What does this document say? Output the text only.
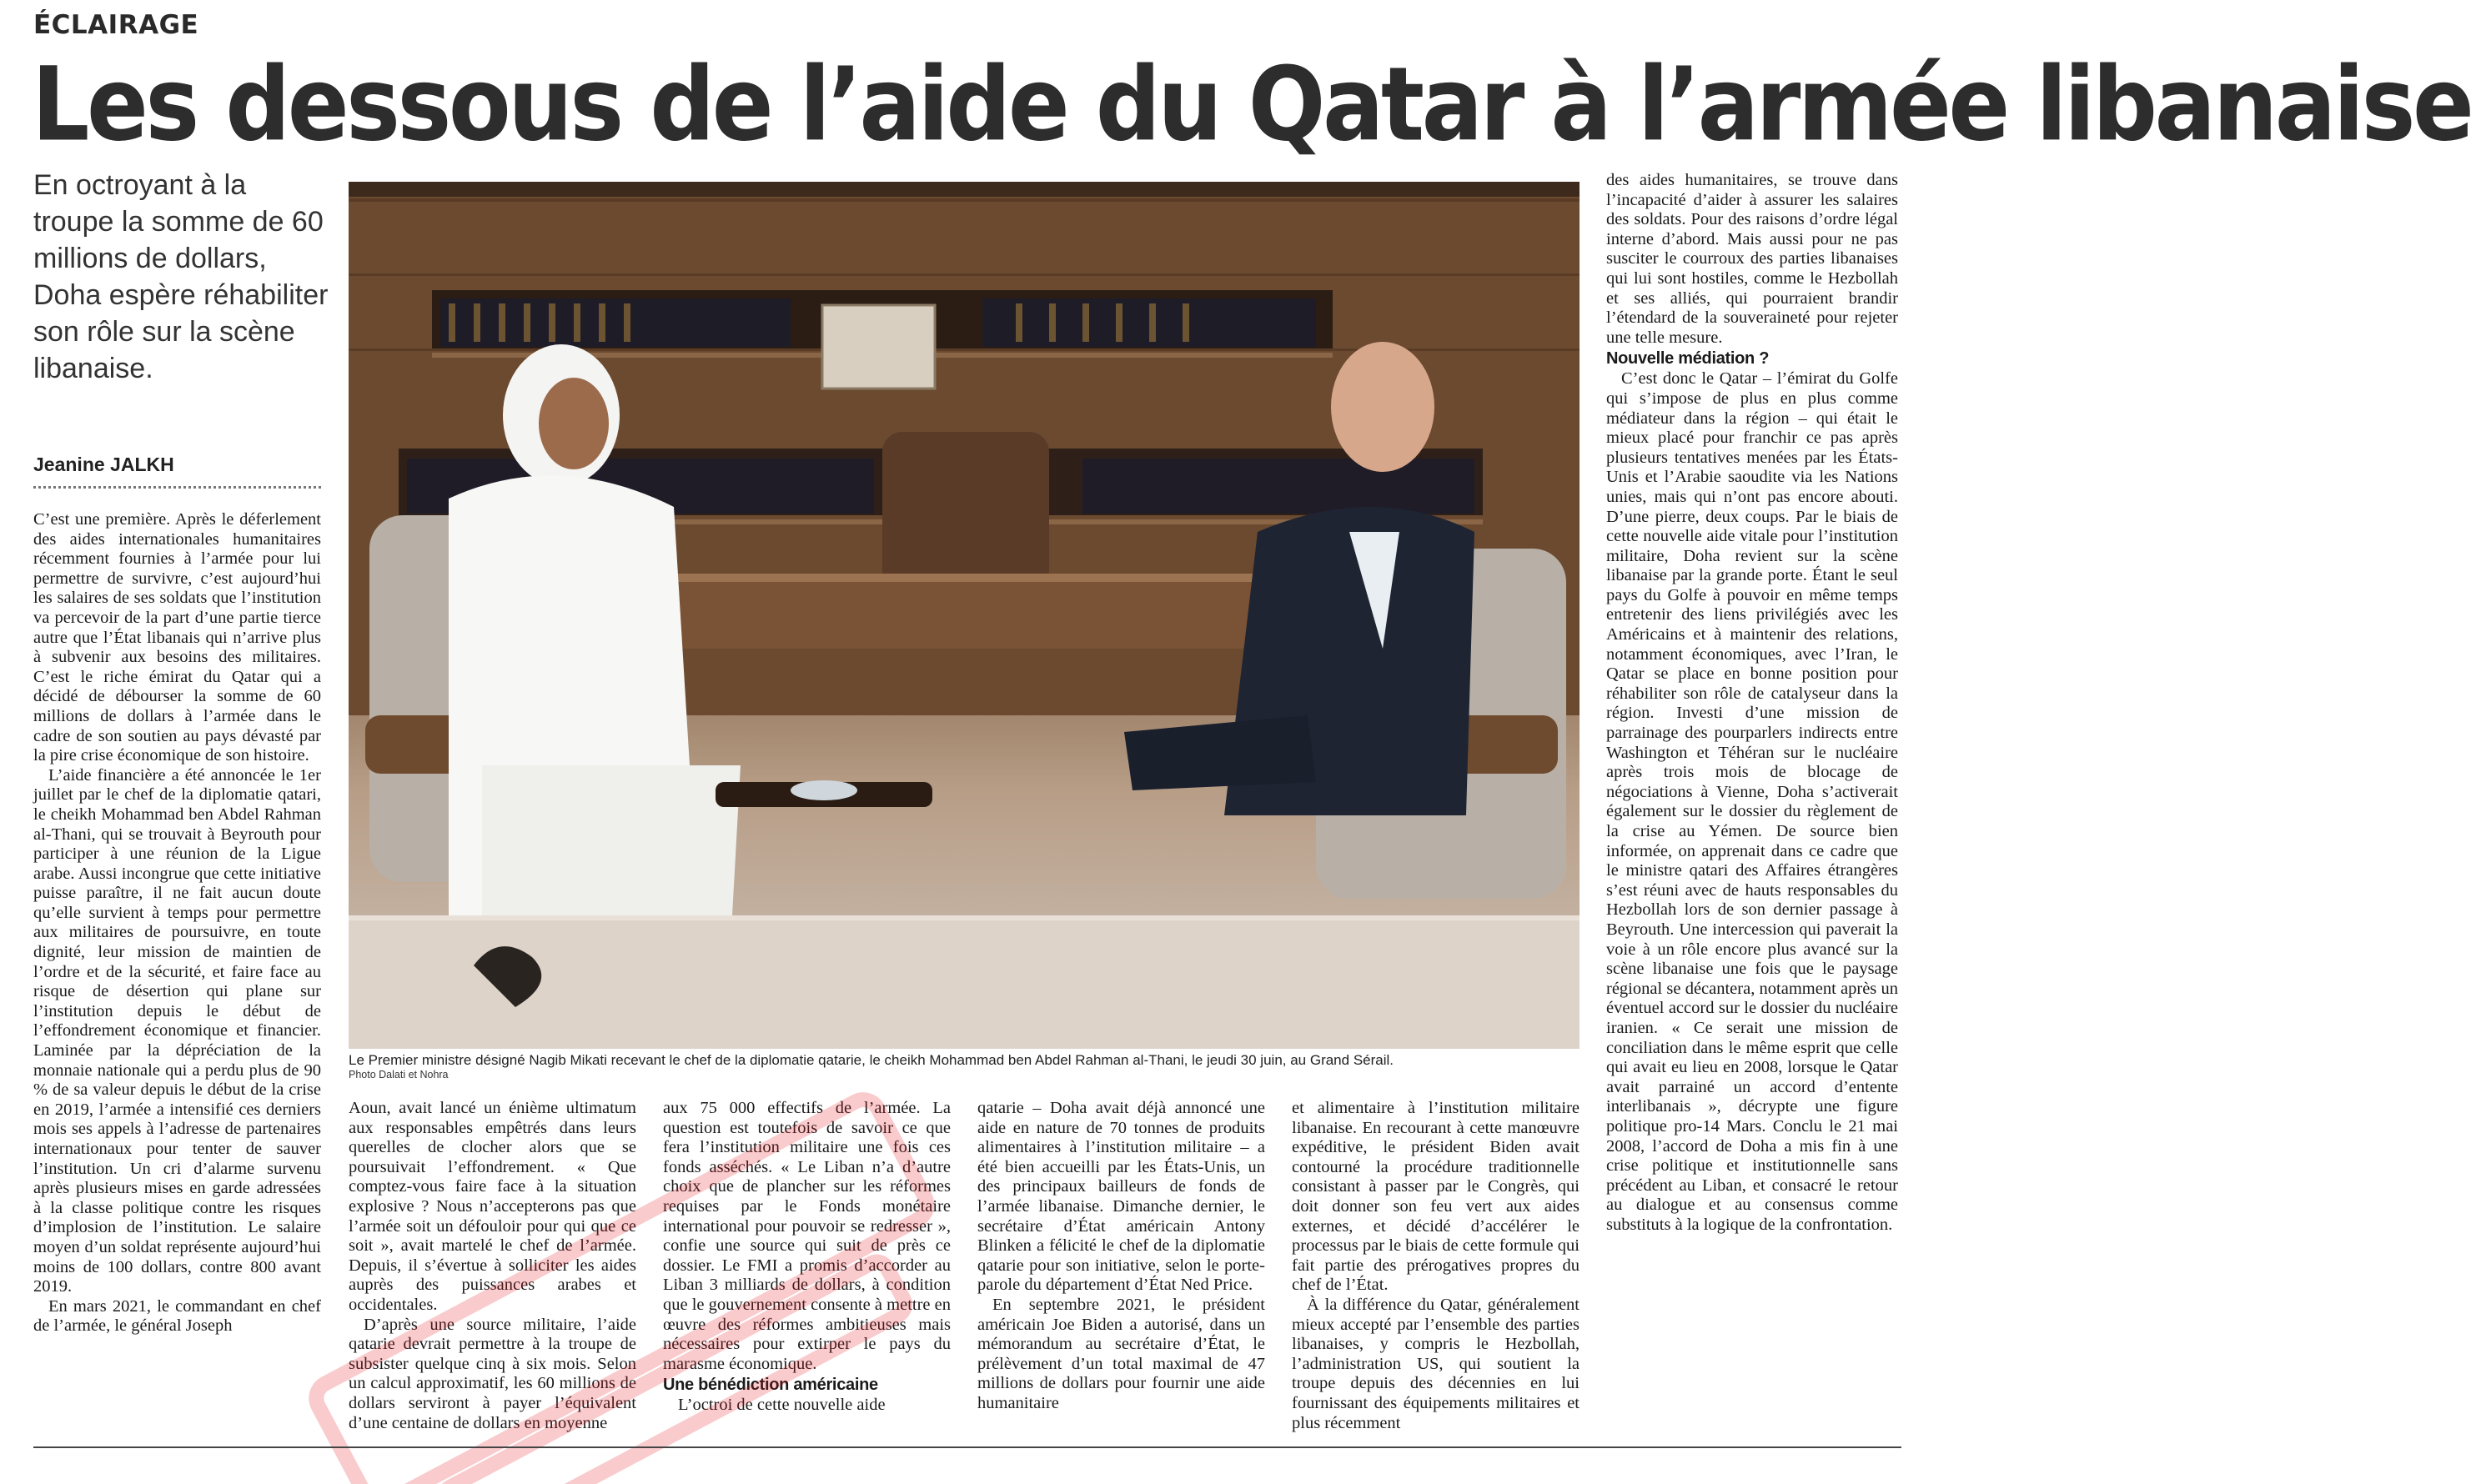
ÉCLAIRAGE
Les dessous de l’aide du Qatar à l’armée libanaise
En octroyant à la troupe la somme de 60 millions de dollars, Doha espère réhabiliter son rôle sur la scène libanaise.
Jeanine JALKH

C’est une première. Après le déferlement des aides internationales humanitaires récemment fournies à l’armée pour lui permettre de survivre, c’est aujourd’hui les salaires de ses soldats que l’institution va percevoir de la part d’une partie tierce autre que l’État libanais qui n’arrive plus à subvenir aux besoins des militaires. C’est le riche émirat du Qatar qui a décidé de débourser la somme de 60 millions de dollars à l’armée dans le cadre de son soutien au pays dévasté par la pire crise économique de son histoire.

L’aide financière a été annoncée le 1er juillet par le chef de la diplomatie qatari, le cheikh Mohammad ben Abdel Rahman al-Thani, qui se trouvait à Beyrouth pour participer à une réunion de la Ligue arabe. Aussi incongrue que cette initiative puisse paraître, il ne fait aucun doute qu’elle survient à temps pour permettre aux militaires de poursuivre, en toute dignité, leur mission de maintien de l’ordre et de la sécurité, et faire face au risque de désertion qui plane sur l’institution depuis le début de l’effondrement économique et financier. Laminée par la dépréciation de la monnaie nationale qui a perdu plus de 90 % de sa valeur depuis le début de la crise en 2019, l’armée a intensifié ces derniers mois ses appels à l’adresse de partenaires internationaux pour tenter de sauver l’institution. Un cri d’alarme survenu après plusieurs mises en garde adressées à la classe politique contre les risques d’implosion de l’institution. Le salaire moyen d’un soldat représente aujourd’hui moins de 100 dollars, contre 800 avant 2019.

En mars 2021, le commandant en chef de l’armée, le général Joseph

Le Premier ministre désigné Nagib Mikati recevant le chef de la diplomatie qatarie, le cheikh Mohammad ben Abdel Rahman al-Thani, le jeudi 30 juin, au Grand Sérail.
Photo Dalati et Nohra

Aoun, avait lancé un énième ultimatum aux responsables empêtrés dans leurs querelles de clocher alors que se poursuivait l’effondrement. « Que comptez-vous faire face à la situation explosive ? Nous n’accepterons pas que l’armée soit un défouloir pour qui que ce soit », avait martelé le chef de l’armée. Depuis, il s’évertue à solliciter les aides auprès des puissances arabes et occidentales.

D’après une source militaire, l’aide qatarie devrait permettre à la troupe de subsister quelque cinq à six mois. Selon un calcul approximatif, les 60 millions de dollars serviront à payer l’équivalent d’une centaine de dollars en moyenne

aux 75 000 effectifs de l’armée. La question est toutefois de savoir ce que fera l’institution militaire une fois ces fonds asséchés. « Le Liban n’a d’autre choix que de plancher sur les réformes requises par le Fonds monétaire international pour pouvoir se redresser », confie une source qui suit de près ce dossier. Le FMI a promis d’accorder au Liban 3 milliards de dollars, à condition que le gouvernement consente à mettre en œuvre des réformes ambitieuses mais nécessaires pour extirper le pays du marasme économique.

Une bénédiction américaine

L’octroi de cette nouvelle aide

qatarie – Doha avait déjà annoncé une aide en nature de 70 tonnes de produits alimentaires à l’institution militaire – a été bien accueilli par les États-Unis, un des principaux bailleurs de fonds de l’armée libanaise. Dimanche dernier, le secrétaire d’État américain Antony Blinken a félicité le chef de la diplomatie qatarie pour son initiative, selon le porte-parole du département d’État Ned Price.

En septembre 2021, le président américain Joe Biden a autorisé, dans un mémorandum au secrétaire d’État, le prélèvement d’un total maximal de 47 millions de dollars pour fournir une aide humanitaire

et alimentaire à l’institution militaire libanaise. En recourant à cette manœuvre expéditive, le président Biden avait contourné la procédure traditionnelle consistant à passer par le Congrès, qui doit donner son feu vert aux aides externes, et décidé d’accélérer le processus par le biais de cette formule qui fait partie des prérogatives propres du chef de l’État.

À la différence du Qatar, généralement mieux accepté par l’ensemble des parties libanaises, y compris le Hezbollah, l’administration US, qui soutient la troupe depuis des décennies en lui fournissant des équipements militaires et plus récemment

des aides humanitaires, se trouve dans l’incapacité d’aider à assurer les salaires des soldats. Pour des raisons d’ordre légal interne d’abord. Mais aussi pour ne pas susciter le courroux des parties libanaises qui lui sont hostiles, comme le Hezbollah et ses alliés, qui pourraient brandir l’étendard de la souveraineté pour rejeter une telle mesure.

Nouvelle médiation ?

C’est donc le Qatar – l’émirat du Golfe qui s’impose de plus en plus comme médiateur dans la région – qui était le mieux placé pour franchir ce pas après plusieurs tentatives menées par les États-Unis et l’Arabie saoudite via les Nations unies, mais qui n’ont pas encore abouti. D’une pierre, deux coups. Par le biais de cette nouvelle aide vitale pour l’institution militaire, Doha revient sur la scène libanaise par la grande porte. Étant le seul pays du Golfe à pouvoir en même temps entretenir des liens privilégiés avec les Américains et à maintenir des relations, notamment économiques, avec l’Iran, le Qatar se place en bonne position pour réhabiliter son rôle de catalyseur dans la région. Investi d’une mission de parrainage des pourparlers indirects entre Washington et Téhéran sur le nucléaire après trois mois de blocage de négociations à Vienne, Doha s’activerait également sur le dossier du règlement de la crise au Yémen. De source bien informée, on apprenait dans ce cadre que le ministre qatari des Affaires étrangères s’est réuni avec de hauts responsables du Hezbollah lors de son dernier passage à Beyrouth. Une intercession qui paverait la voie à un rôle encore plus avancé sur la scène libanaise une fois que le paysage régional se décantera, notamment après un éventuel accord sur le dossier du nucléaire iranien. « Ce serait une mission de conciliation dans le même esprit que celle qui avait eu lieu en 2008, lorsque le Qatar avait parrainé un accord d’entente interlibanais », décrypte une figure politique pro-14 Mars. Conclu le 21 mai 2008, l’accord de Doha a mis fin à une crise politique et institutionnelle sans précédent au Liban, et consacré le retour au dialogue et au consensus comme substituts à la logique de la confrontation.
